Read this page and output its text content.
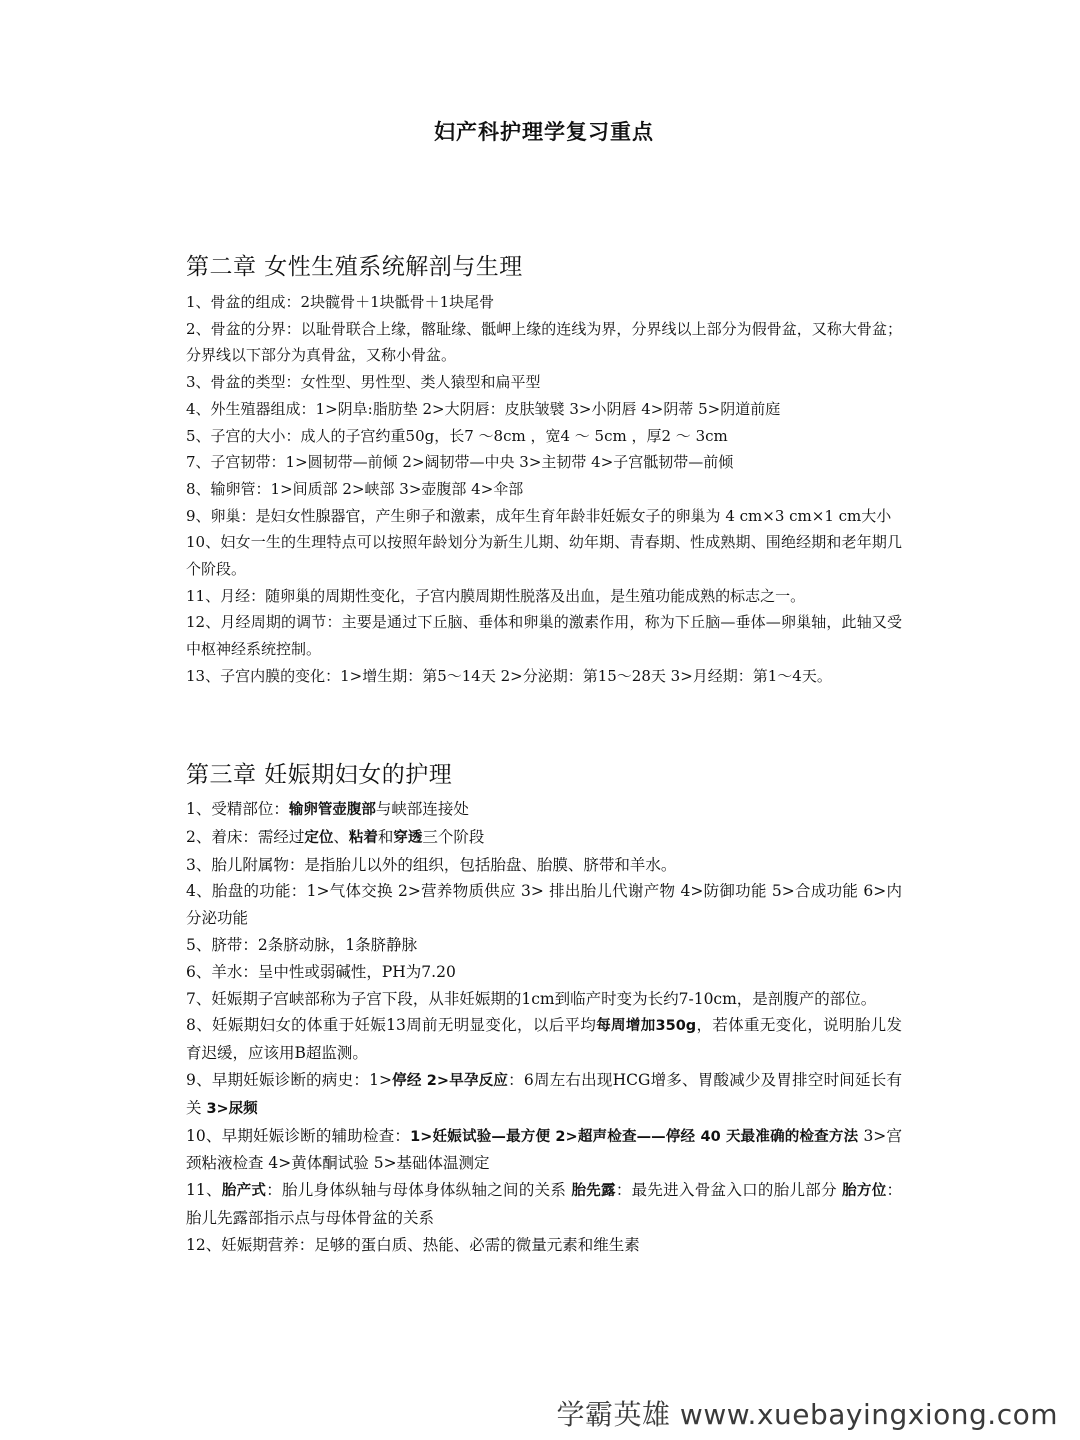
妇产科护理学复习重点
第二章 女性生殖系统解剖与生理

1、骨盆的组成：2块髋骨＋1块骶骨＋1块尾骨

2、骨盆的分界：以耻骨联合上缘，髂耻缘、骶岬上缘的连线为界，分界线以上部分为假骨盆，又称大骨盆；分界线以下部分为真骨盆，又称小骨盆。

3、骨盆的类型：女性型、男性型、类人猿型和扁平型

4、外生殖器组成：1>阴阜:脂肪垫 2>大阴唇：皮肤皱襞 3>小阴唇 4>阴蒂 5>阴道前庭

5、子宫的大小：成人的子宫约重50g，长7 ～8cm ，宽4 ～ 5cm ，厚2 ～ 3cm

7、子宫韧带：1>圆韧带—前倾 2>阔韧带—中央 3>主韧带 4>子宫骶韧带—前倾

8、输卵管：1>间质部 2>峡部 3>壶腹部 4>伞部

9、卵巢：是妇女性腺器官，产生卵子和激素，成年生育年龄非妊娠女子的卵巢为 4 cm×3 cm×1 cm大小

10、妇女一生的生理特点可以按照年龄划分为新生儿期、幼年期、青春期、性成熟期、围绝经期和老年期几个阶段。

11、月经：随卵巢的周期性变化，子宫内膜周期性脱落及出血，是生殖功能成熟的标志之一。

12、月经周期的调节：主要是通过下丘脑、垂体和卵巢的激素作用，称为下丘脑—垂体—卵巢轴，此轴又受中枢神经系统控制。

13、子宫内膜的变化：1>增生期：第5～14天 2>分泌期：第15～28天 3>月经期：第1～4天。

第三章 妊娠期妇女的护理

1、受精部位：输卵管壶腹部与峡部连接处

2、着床：需经过定位、粘着和穿透三个阶段

3、胎儿附属物：是指胎儿以外的组织，包括胎盘、胎膜、脐带和羊水。

4、胎盘的功能：1>气体交换 2>营养物质供应 3> 排出胎儿代谢产物 4>防御功能 5>合成功能 6>内分泌功能

5、脐带：2条脐动脉，1条脐静脉

6、羊水：呈中性或弱碱性，PH为7.20

7、妊娠期子宫峡部称为子宫下段，从非妊娠期的1cm到临产时变为长约7-10cm，是剖腹产的部位。

8、妊娠期妇女的体重于妊娠13周前无明显变化，以后平均每周增加350g，若体重无变化，说明胎儿发育迟缓，应该用B超监测。

9、早期妊娠诊断的病史：1>停经 2>早孕反应：6周左右出现HCG增多、胃酸减少及胃排空时间延长有关 3>尿频

10、早期妊娠诊断的辅助检查：1>妊娠试验—最方便 2>超声检查——停经 40 天最准确的检查方法 3>宫颈粘液检查 4>黄体酮试验 5>基础体温测定

11、胎产式：胎儿身体纵轴与母体身体纵轴之间的关系 胎先露：最先进入骨盆入口的胎儿部分 胎方位：胎儿先露部指示点与母体骨盆的关系

12、妊娠期营养：足够的蛋白质、热能、必需的微量元素和维生素

学霸英雄 www.xuebayingxiong.com
